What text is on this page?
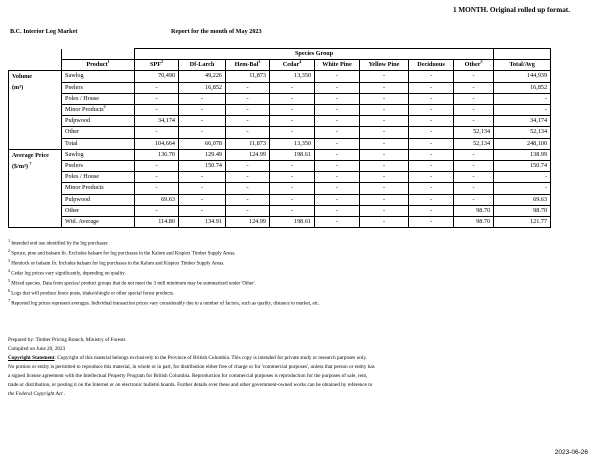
1 MONTH. Original rolled up format.
B.C. Interior Log Market	Report for the month of May 2023
		Species Group								
	Product$^1$	SPF$^2$	Df-Larch	Hem-Bal$^3$	Cedar$^4$	White Pine	Yellow Pine	Deciduous	Other$^5$	Total/Avg

Volume
(m³)	Sawlog	70,490	49,226	11,873	13,350	-	-	-	-	144,939
	Peelers	-	16,852	-	-	-	-	-	-	16,852
	Poles / House	-	-	-	-	-	-	-	-	-
	Minor Products$^6$	-	-	-	-	-	-	-	-	-
	Pulpwood	34,174	-	-	-	-	-	-	-	34,174
	Other	-	-	-	-	-	-	-	52,134	52,134
	Total	104,664	66,078	11,873	13,350	-	-	-	52,134	248,100

Average Price
($/m³) $^7$	Sawlog	136.70	129.49	124.99	198.61	-	-	-	-	138.99
	Peelers	-	150.74	-	-	-	-	-	-	150.74
	Poles / House	-	-	-	-	-	-	-	-	-
	Minor Products	-	-	-	-	-	-	-	-	-
	Pulpwood	69.63	-	-	-	-	-	-	-	69.63
	Other	-	-	-	-	-	-	-	98.70	98.70
	Wtd. Average	114.80	134.91	124.99	198.61	-	-	-	98.70	121.77
$^1$ Intended end use identified by the log purchaser.
$^2$ Spruce, pine and balsam fir. Excludes balsam for log purchases in the Kalum and Kispiox Timber Supply Areas.
$^3$ Hemlock or balsam fir. Includes balsam for log purchases in the Kalum and Kispiox Timber Supply Areas.
$^4$ Cedar log prices vary significantly, depending on quality.
$^5$ Mixed species. Data from species/ product groups that do not meet the 3 mill minimum may be summarized under 'Other'.
$^6$ Logs that will produce fence posts, shake/shingle or other special forest products.
$^7$ Reported log prices represent averages. Individual transaction prices vary considerably due to a number of factors, such as quality, distance to market, etc.
Prepared by: Timber Pricing Branch, Ministry of Forests
Compiled on June 20, 2023
Copyright Statement: Copyright of this material belongs exclusively to the Province of British Columbia. This copy is intended for private study or research purposes only.
No portion or entity is permitted to reproduce this material, in whole or in part, for distribution either free of charge or for 'commercial purposes', unless that person or entity has
a signed license agreement with the Intellectual Property Program for British Columbia. Reproduction for commercial purposes is reproduction for the purposes of sale, rent,
trade or distribution, or posting it on the Internet or on electronic bulletin boards. Further details over these and other government-owned works can be obtained by reference to
the Federal Copyright Act .
2023-06-26
